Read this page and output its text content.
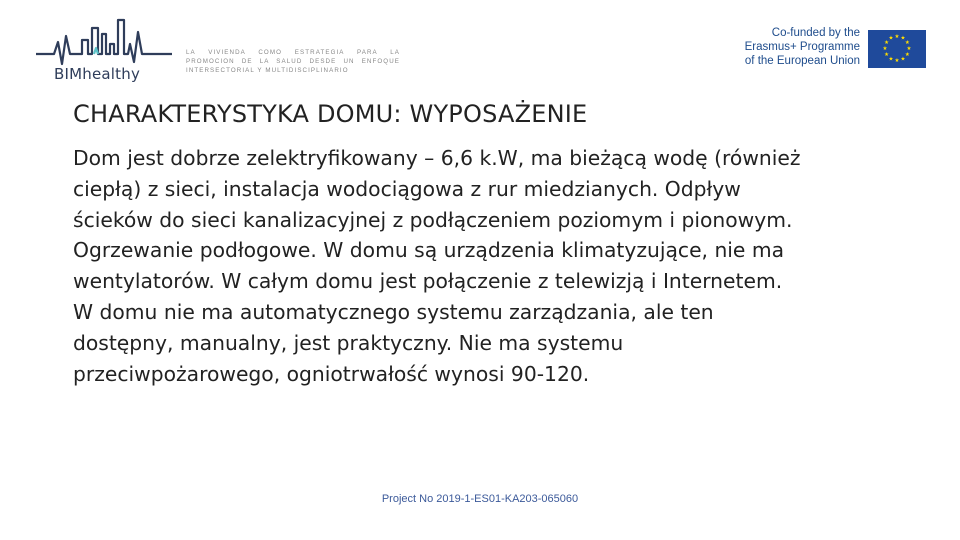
BIMhealthy
LA VIVIENDA COMO ESTRATEGIA PARA LA PROMOCION DE LA SALUD DESDE UN ENFOQUE INTERSECTORIAL Y MULTIDISCIPLINARIO
Co-funded by the
Erasmus+ Programme
of the European Union
★ ★
★
★
★
★
★
★
★
★
★
★
CHARAKTERYSTYKA DOMU: WYPOSAŻENIE

Dom jest dobrze zelektryfikowany – 6,6 k.W, ma bieżącą wodę (również
ciepłą) z sieci, instalacja wodociągowa z rur miedzianych. Odpływ
ścieków do sieci kanalizacyjnej z podłączeniem poziomym i pionowym.
Ogrzewanie podłogowe. W domu są urządzenia klimatyzujące, nie ma
wentylatorów. W całym domu jest połączenie z telewizją i Internetem.
W domu nie ma automatycznego systemu zarządzania, ale ten
dostępny, manualny, jest praktyczny. Nie ma systemu
przeciwpożarowego, ogniotrwałość wynosi 90-120.

Project No 2019-1-ES01-KA203-065060
